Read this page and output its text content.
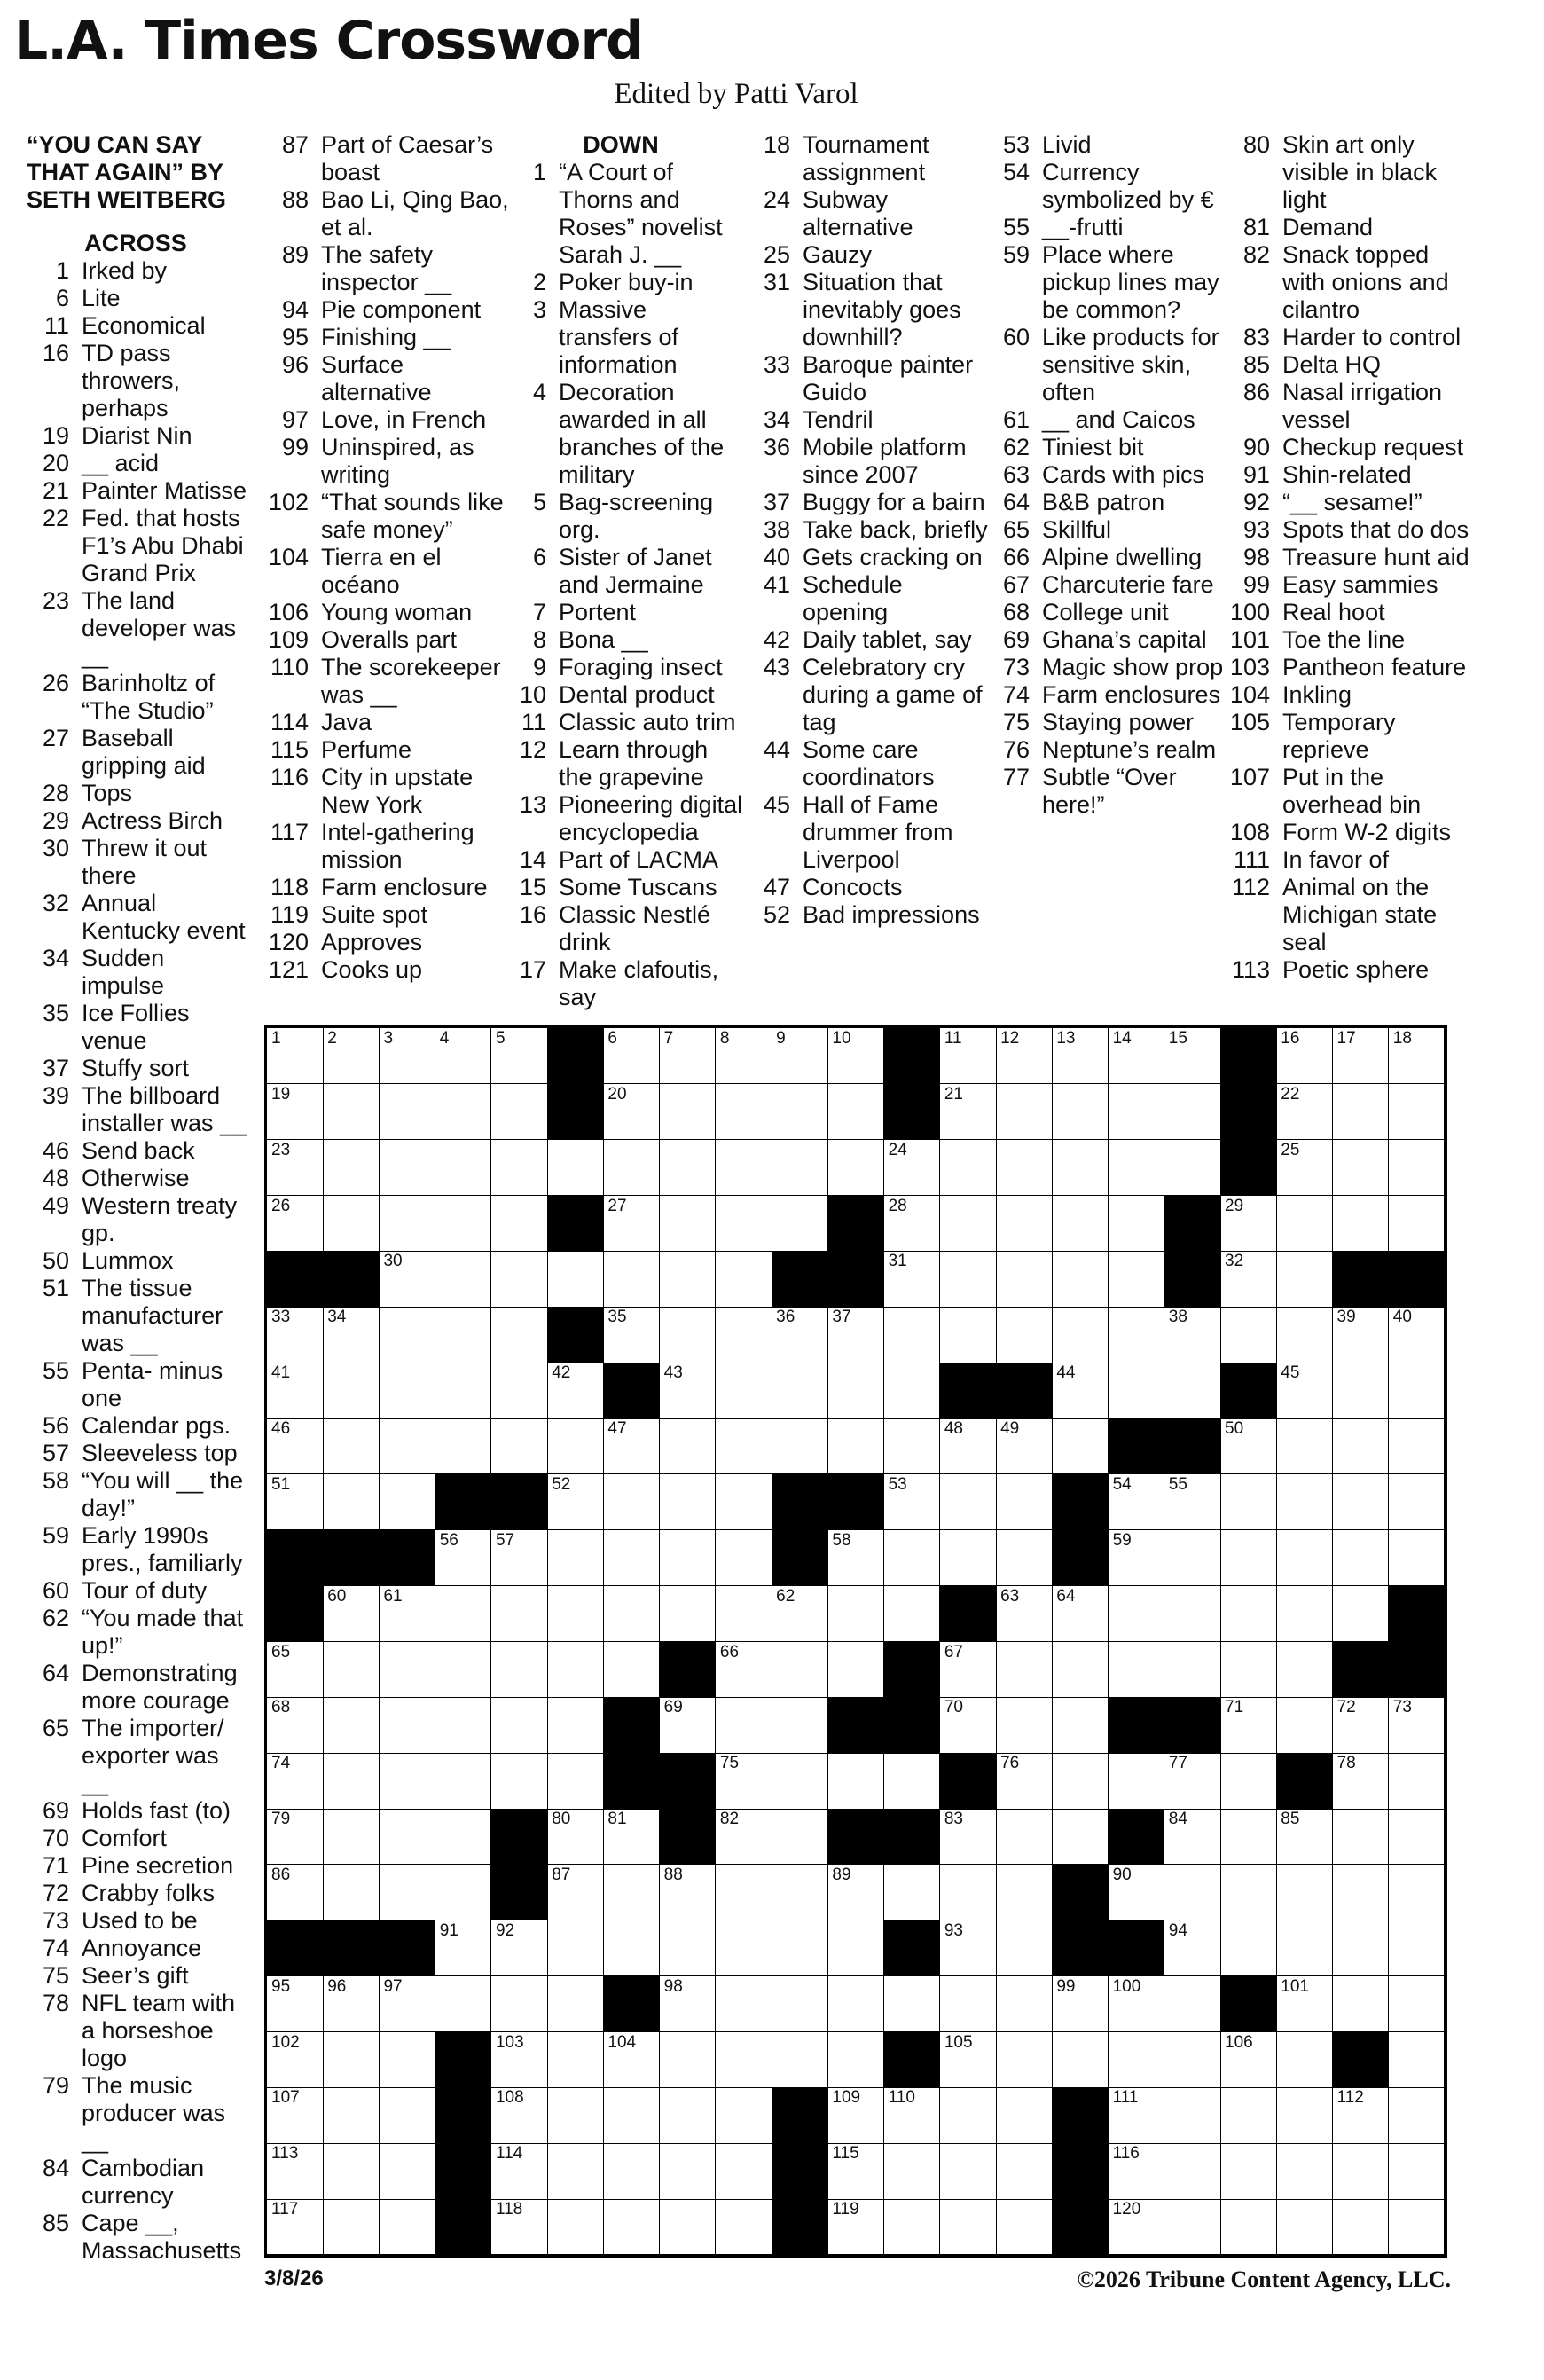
L.A. Times Crossword
Edited by Patti Varol
“YOU CAN SAY THAT AGAIN” BY SETH WEITBERG
ACROSS
1 Irked by
6 Lite
11 Economical
16 TD pass throwers, perhaps
19 Diarist Nin
20 __ acid
21 Painter Matisse
22 Fed. that hosts F1’s Abu Dhabi Grand Prix
23 The land developer was __
26 Barinholtz of “The Studio”
27 Baseball gripping aid
28 Tops
29 Actress Birch
30 Threw it out there
32 Annual Kentucky event
34 Sudden impulse
35 Ice Follies venue
37 Stuffy sort
39 The billboard installer was __
46 Send back
48 Otherwise
49 Western treaty gp.
50 Lummox
51 The tissue manufacturer was __
55 Penta- minus one
56 Calendar pgs.
57 Sleeveless top
58 “You will __ the day!”
59 Early 1990s pres., familiarly
60 Tour of duty
62 “You made that up!”
64 Demonstrating more courage
65 The importer/ exporter was __
69 Holds fast (to)
70 Comfort
71 Pine secretion
72 Crabby folks
73 Used to be
74 Annoyance
75 Seer’s gift
78 NFL team with a horseshoe logo
79 The music producer was __
84 Cambodian currency
85 Cape __, Massachusetts
87 Part of Caesar’s boast
88 Bao Li, Qing Bao, et al.
89 The safety inspector __
94 Pie component
95 Finishing __
96 Surface alternative
97 Love, in French
99 Uninspired, as writing
102 “That sounds like safe money”
104 Tierra en el océano
106 Young woman
109 Overalls part
110 The scorekeeper was __
114 Java
115 Perfume
116 City in upstate New York
117 Intel-gathering mission
118 Farm enclosure
119 Suite spot
120 Approves
121 Cooks up
DOWN
1 “A Court of Thorns and Roses” novelist Sarah J. __
2 Poker buy-in
3 Massive transfers of information
4 Decoration awarded in all branches of the military
5 Bag-screening org.
6 Sister of Janet and Jermaine
7 Portent
8 Bona __
9 Foraging insect
10 Dental product
11 Classic auto trim
12 Learn through the grapevine
13 Pioneering digital encyclopedia
14 Part of LACMA
15 Some Tuscans
16 Classic Nestlé drink
17 Make clafoutis, say
18 Tournament assignment
24 Subway alternative
25 Gauzy
31 Situation that inevitably goes downhill?
33 Baroque painter Guido
34 Tendril
36 Mobile platform since 2007
37 Buggy for a bairn
38 Take back, briefly
40 Gets cracking on
41 Schedule opening
42 Daily tablet, say
43 Celebratory cry during a game of tag
44 Some care coordinators
45 Hall of Fame drummer from Liverpool
47 Concocts
52 Bad impressions
53 Livid
54 Currency symbolized by €
55 __-frutti
59 Place where pickup lines may be common?
60 Like products for sensitive skin, often
61 __ and Caicos
62 Tiniest bit
63 Cards with pics
64 B&B patron
65 Skillful
66 Alpine dwelling
67 Charcuterie fare
68 College unit
69 Ghana’s capital
73 Magic show prop
74 Farm enclosures
75 Staying power
76 Neptune’s realm
77 Subtle “Over here!”
80 Skin art only visible in black light
81 Demand
82 Snack topped with onions and cilantro
83 Harder to control
85 Delta HQ
86 Nasal irrigation vessel
90 Checkup request
91 Shin-related
92 “__ sesame!”
93 Spots that do dos
98 Treasure hunt aid
99 Easy sammies
100 Real hoot
101 Toe the line
103 Pantheon feature
104 Inkling
105 Temporary reprieve
107 Put in the overhead bin
108 Form W-2 digits
111 In favor of
112 Animal on the Michigan state seal
113 Poetic sphere
1	2	3	4	5	6	7	8	9	10	11 12 13 14 15	16 17 18
19	20	21	22
23	24	25
26	27	28	29
30	31	32
33 34	35	36 37	38	39 40
41	42	43	44	45
46	47	48 49	50
51	52	53	54 55
56 57	58	59
60 61	62	63 64
65	66	67
68	69	70	71	72 73
74	75	76	77	78
79	80 81	82	83	84	85
86	87	88	89	90
91 92	93	94
95 96 97	98	99 100	101
102	103	104	105	106
107	108	109 110	111	112
113	114	115	116
117	118	119	120
3/8/26	©2026 Tribune Content Agency, LLC.
